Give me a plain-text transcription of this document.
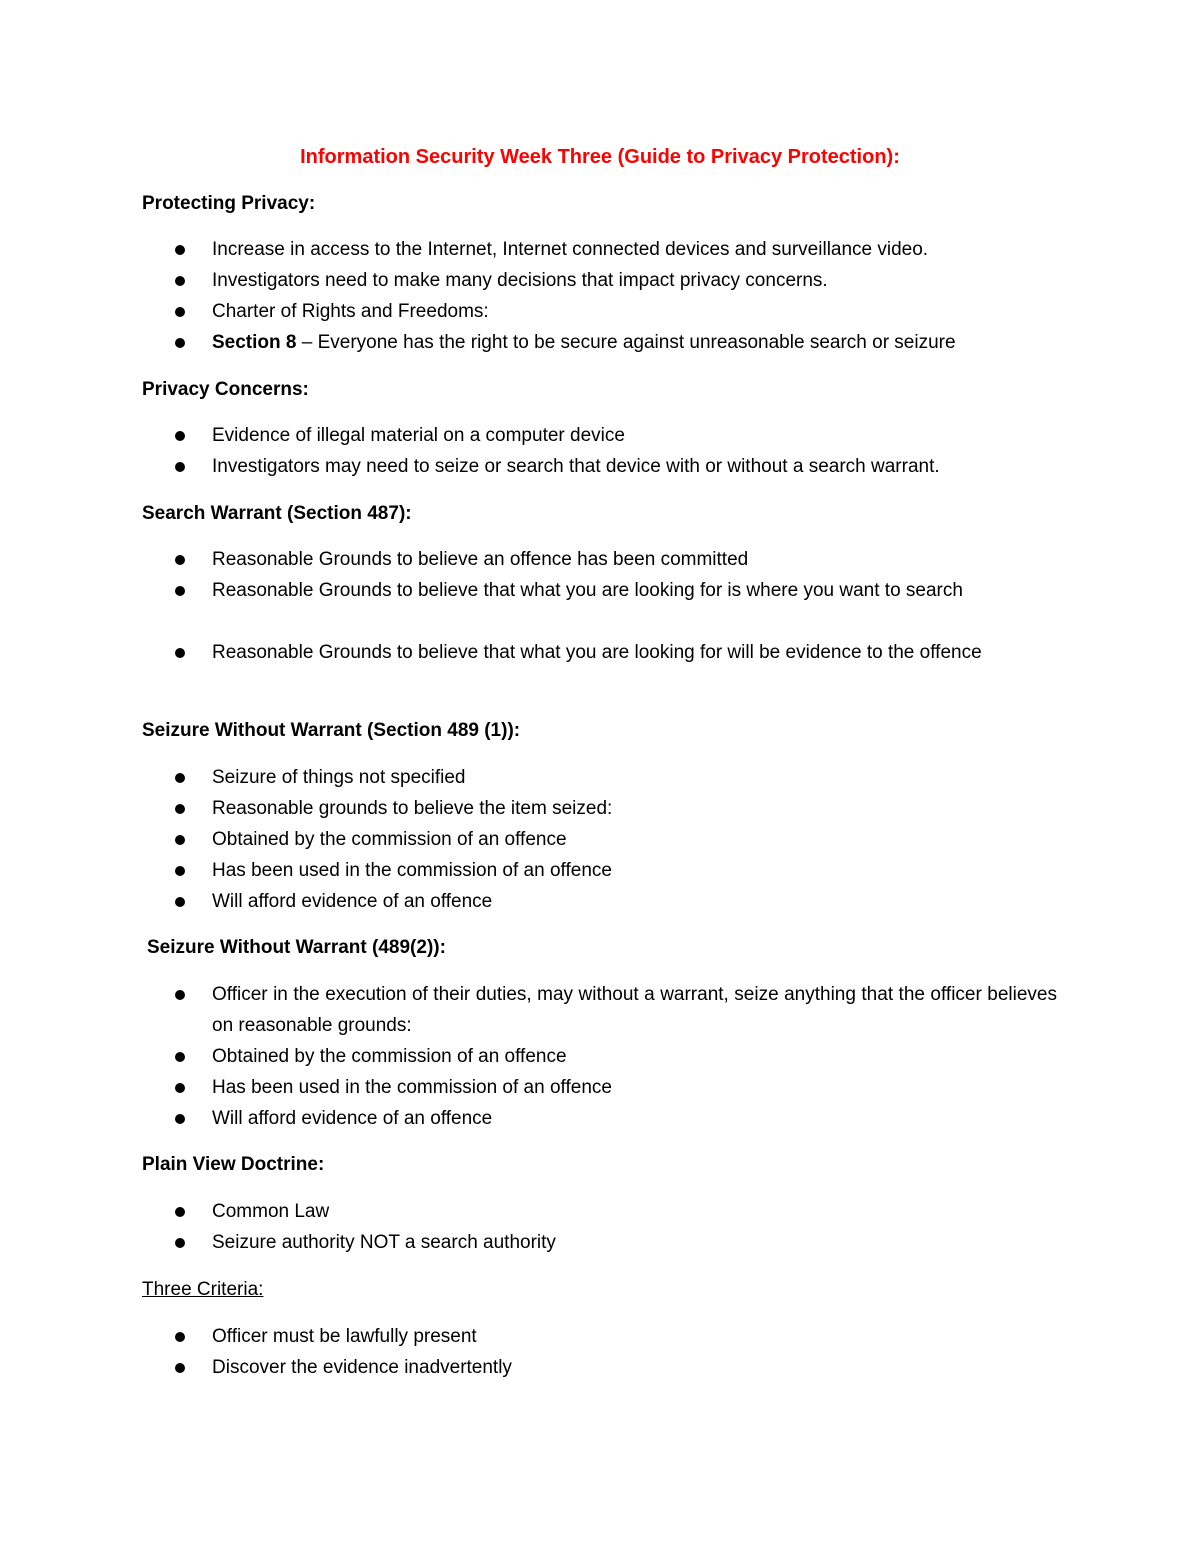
Information Security Week Three (Guide to Privacy Protection):
Protecting Privacy:

Increase in access to the Internet, Internet connected devices and surveillance video.

Investigators need to make many decisions that impact privacy concerns.

Charter of Rights and Freedoms:

Section 8 – Everyone has the right to be secure against unreasonable search or seizure

Privacy Concerns:

Evidence of illegal material on a computer device

Investigators may need to seize or search that device with or without a search warrant.

Search Warrant (Section 487):

Reasonable Grounds to believe an offence has been committed

Reasonable Grounds to believe that what you are looking for is where you want to search

Reasonable Grounds to believe that what you are looking for will be evidence to the offence

Seizure Without Warrant (Section 489 (1)):

Seizure of things not specified

Reasonable grounds to believe the item seized:

Obtained by the commission of an offence

Has been used in the commission of an offence

Will afford evidence of an offence

Seizure Without Warrant (489(2)):

Officer in the execution of their duties, may without a warrant, seize anything that the officer believes on reasonable grounds:

Obtained by the commission of an offence

Has been used in the commission of an offence

Will afford evidence of an offence

Plain View Doctrine:

Common Law

Seizure authority NOT a search authority

Three Criteria:

Officer must be lawfully present

Discover the evidence inadvertently
